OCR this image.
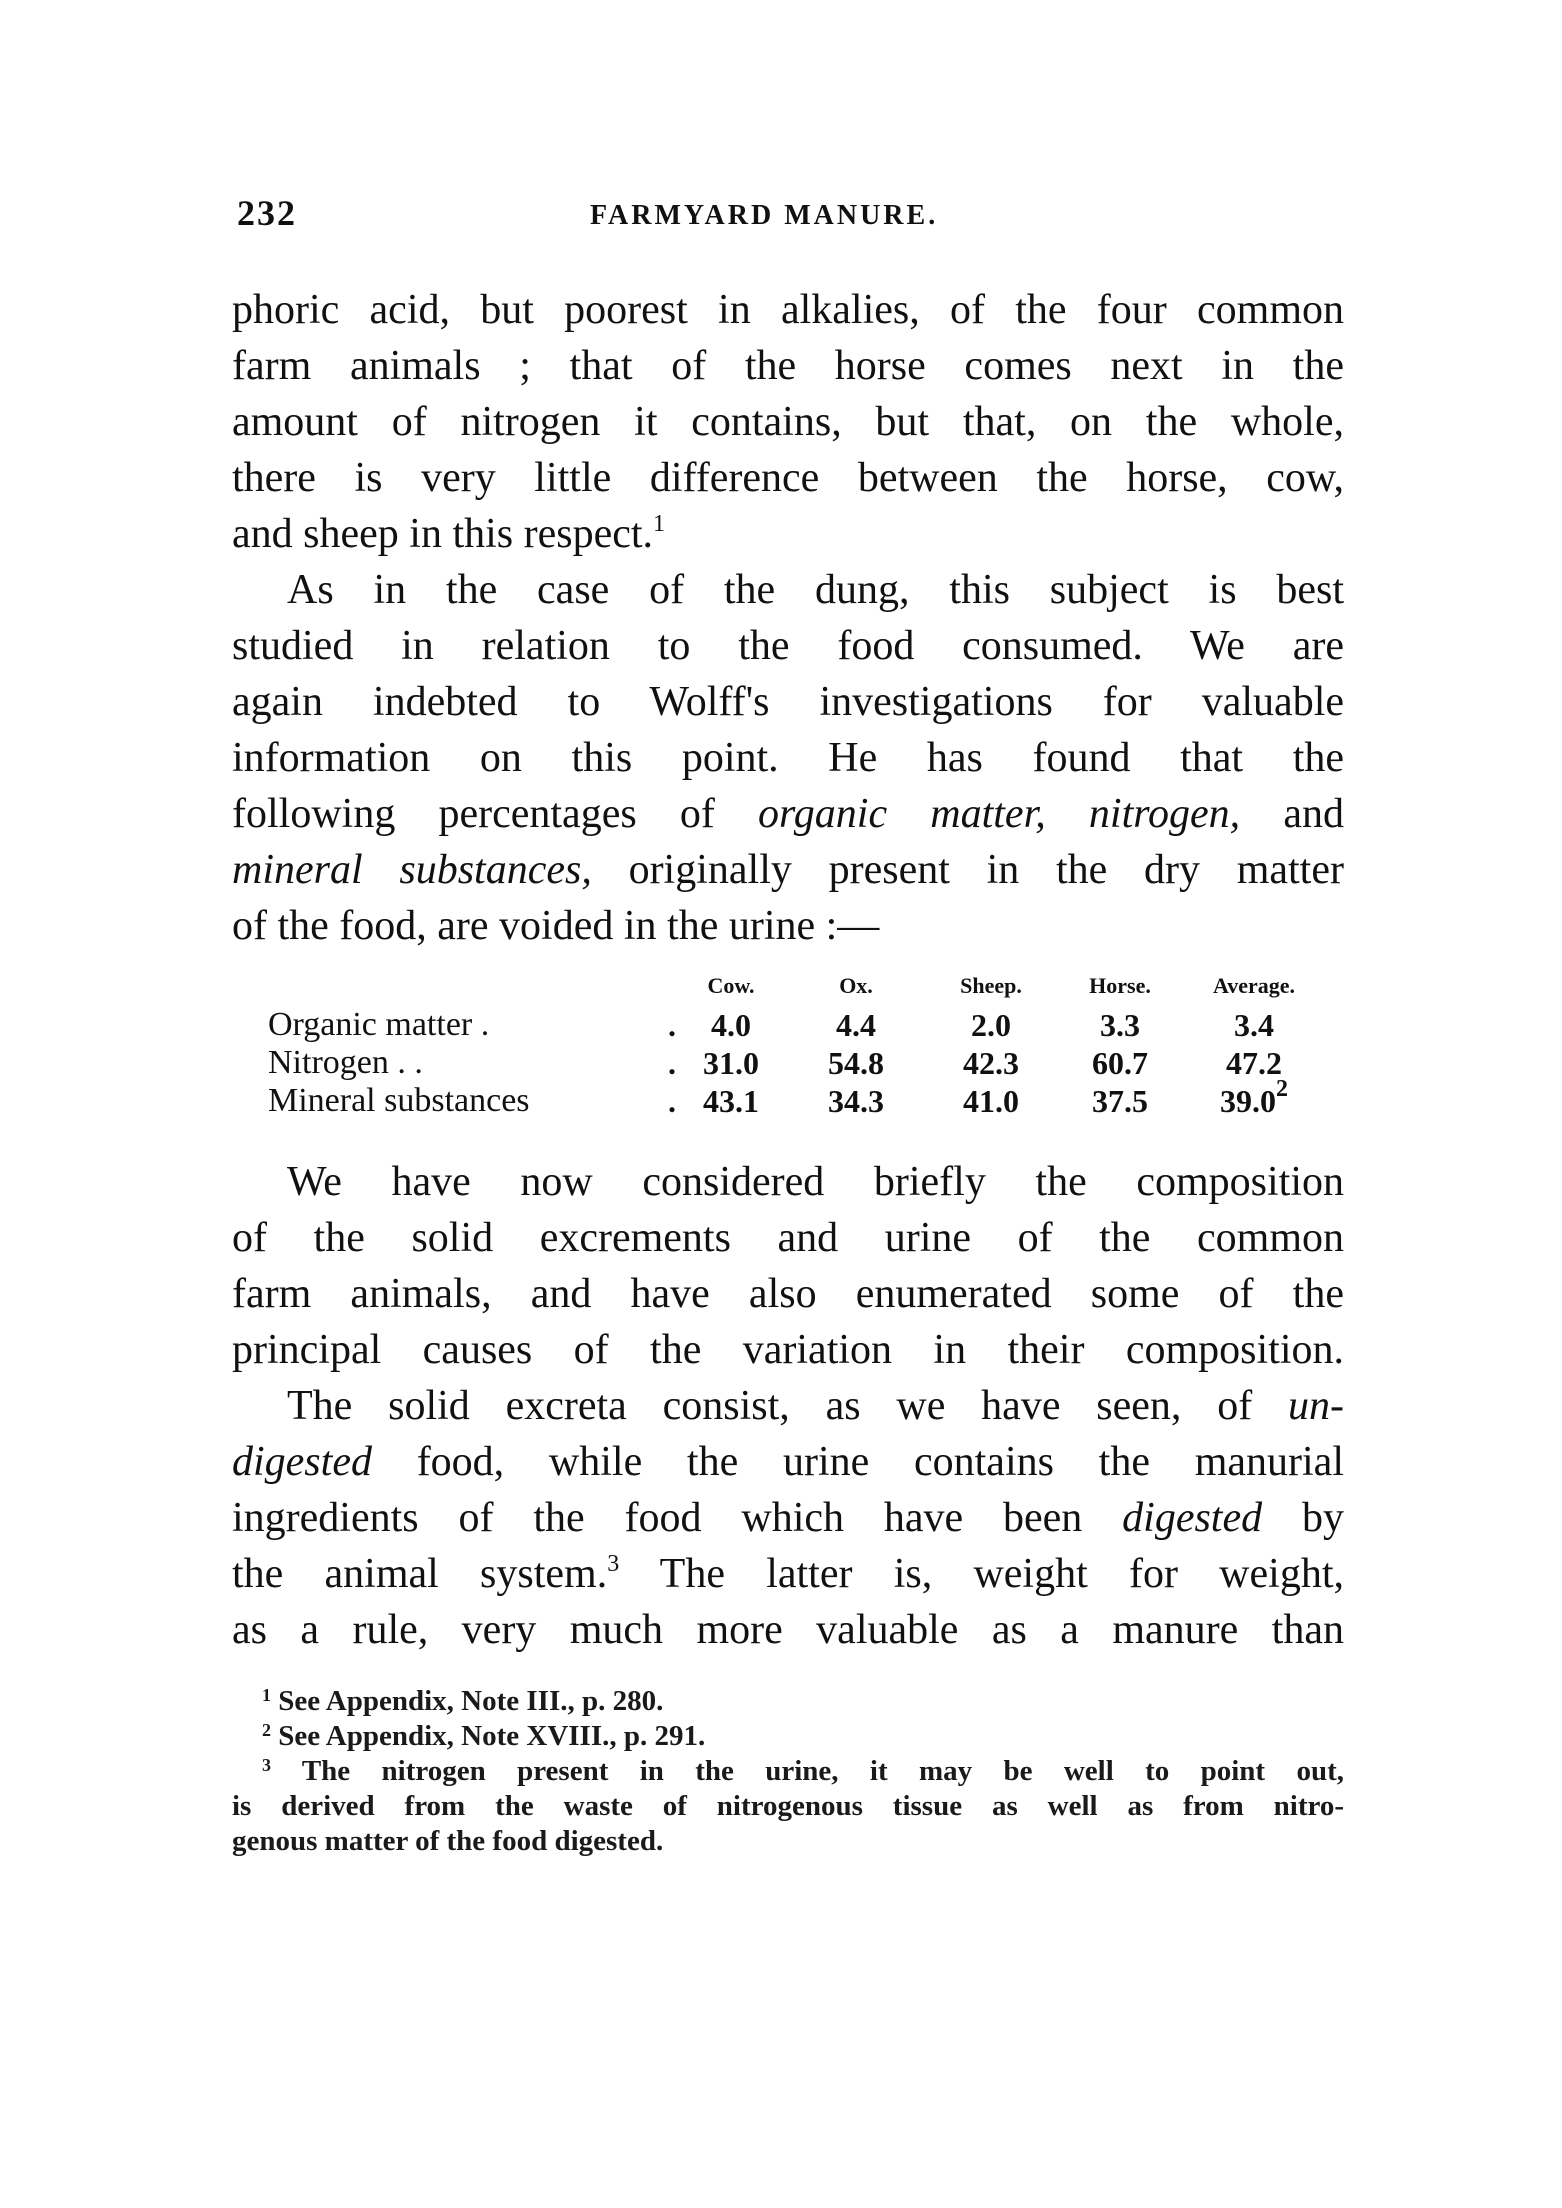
232	FARMYARD MANURE.
phoric acid, but poorest in alkalies, of the four common
farm animals ; that of the horse comes next in the
amount of nitrogen it contains, but that, on the whole,
there is very little difference between the horse, cow,
and sheep in this respect.$^1$
As in the case of the dung, this subject is best
studied in relation to the food consumed. We are
again indebted to Wolff's investigations for valuable
information on this point. He has found that the
following percentages of organic matter, nitrogen, and
mineral substances, originally present in the dry matter
of the food, are voided in the urine :—
		Cow.	Ox.	Sheep.	Horse.	Average.
Organic matter .	.	4.0	4.4	2.0	3.3	3.4
Nitrogen . .	.	31.0	54.8	42.3	60.7	47.2
Mineral substances	.	43.1	34.3	41.0	37.5	39.0$^2$
We have now considered briefly the composition
of the solid excrements and urine of the common
farm animals, and have also enumerated some of the
principal causes of the variation in their composition.
The solid excreta consist, as we have seen, of un-
digested food, while the urine contains the manurial
ingredients of the food which have been digested by
the animal system.$^3$ The latter is, weight for weight,
as a rule, very much more valuable as a manure than
$^1$ See Appendix, Note III., p. 280.
$^2$ See Appendix, Note XVIII., p. 291.
$^3$ The nitrogen present in the urine, it may be well to point out,
is derived from the waste of nitrogenous tissue as well as from nitro-
genous matter of the food digested.
